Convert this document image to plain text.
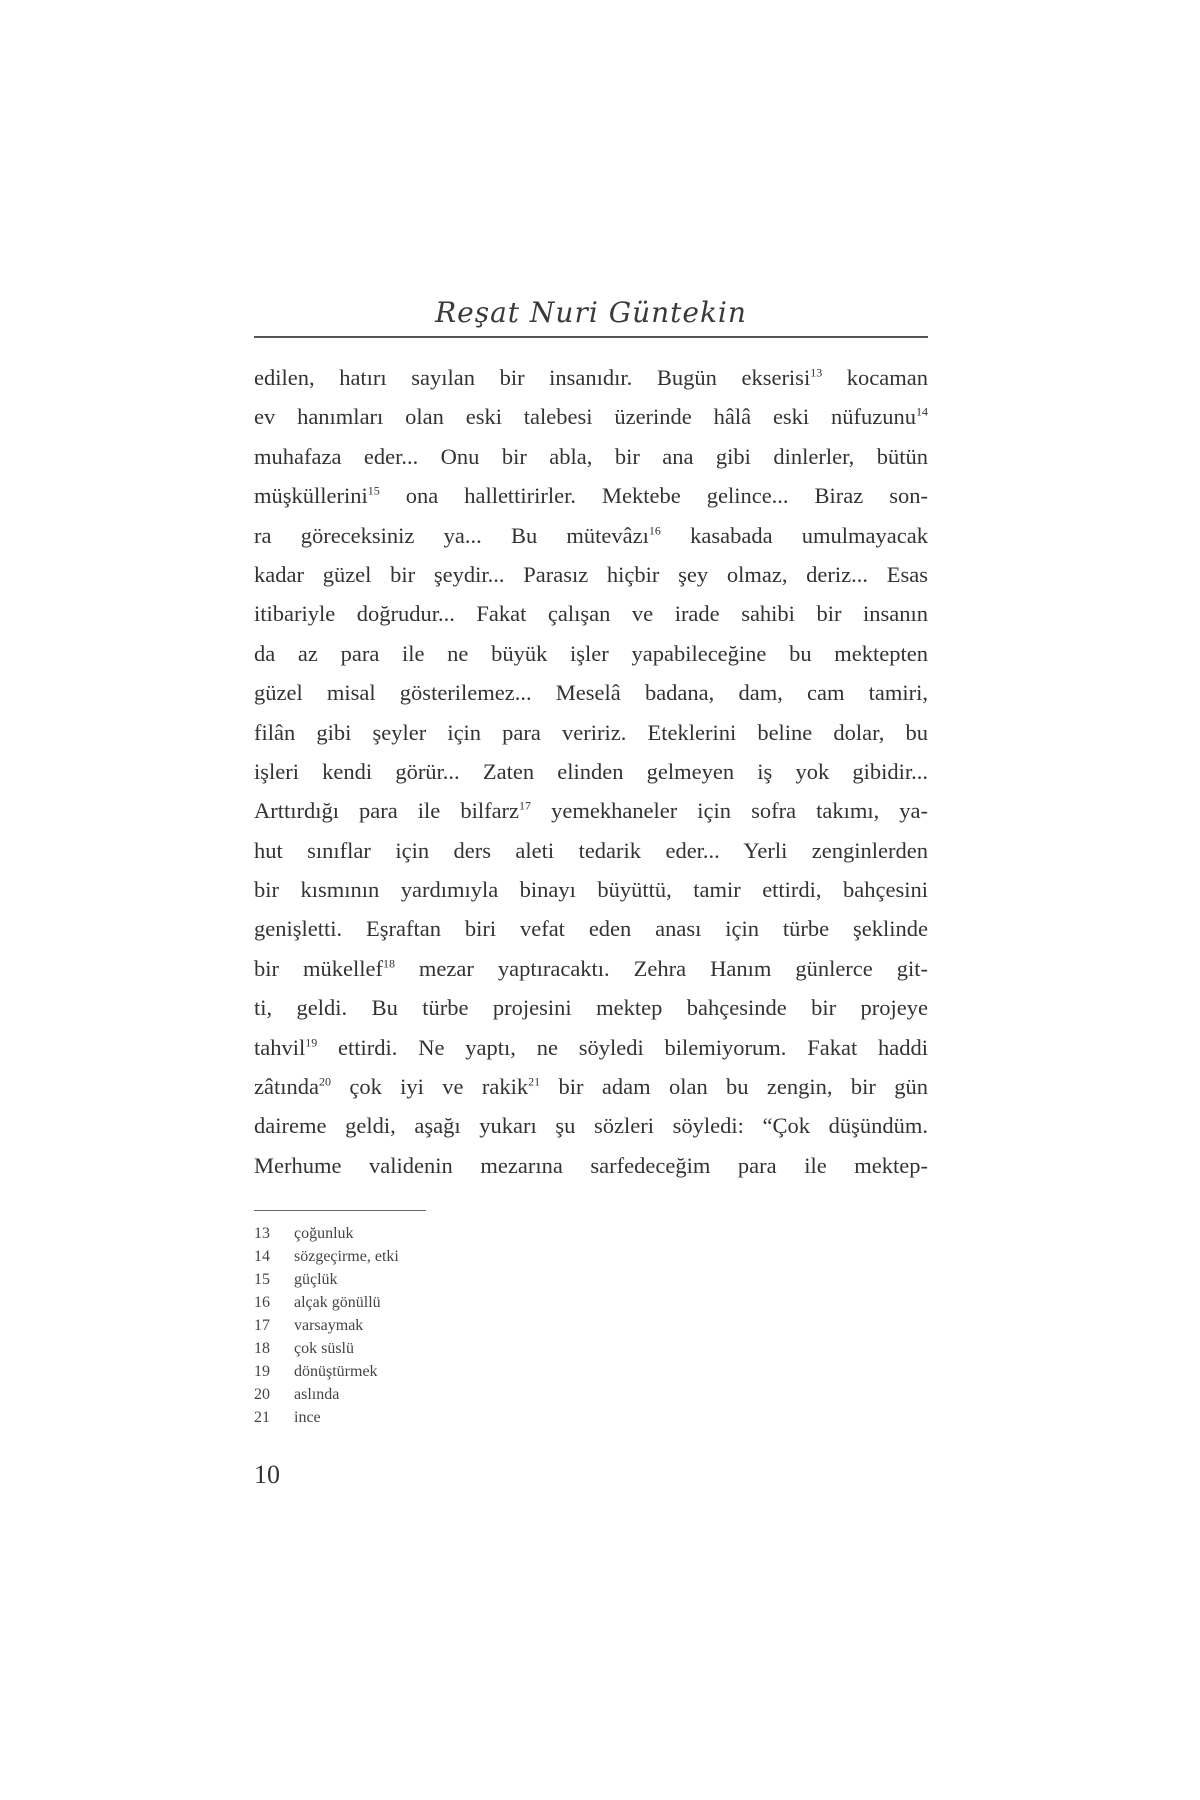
Reşat Nuri Güntekin
edilen, hatırı sayılan bir insanıdır. Bugün ekserisi$^{13}$ kocaman
ev hanımları olan eski talebesi üzerinde hâlâ eski nüfuzunu$^{14}$
muhafaza eder... Onu bir abla, bir ana gibi dinlerler, bütün
müşküllerini$^{15}$ ona hallettirirler. Mektebe gelince... Biraz son-
ra göreceksiniz ya... Bu mütevâzı$^{16}$ kasabada umulmayacak
kadar güzel bir şeydir... Parasız hiçbir şey olmaz, deriz... Esas
itibariyle doğrudur... Fakat çalışan ve irade sahibi bir insanın
da az para ile ne büyük işler yapabileceğine bu mektepten
güzel misal gösterilemez... Meselâ badana, dam, cam tamiri,
filân gibi şeyler için para veririz. Eteklerini beline dolar, bu
işleri kendi görür... Zaten elinden gelmeyen iş yok gibidir...
Arttırdığı para ile bilfarz$^{17}$ yemekhaneler için sofra takımı, ya-
hut sınıflar için ders aleti tedarik eder... Yerli zenginlerden
bir kısmının yardımıyla binayı büyüttü, tamir ettirdi, bahçesini
genişletti. Eşraftan biri vefat eden anası için türbe şeklinde
bir mükellef$^{18}$ mezar yaptıracaktı. Zehra Hanım günlerce git-
ti, geldi. Bu türbe projesini mektep bahçesinde bir projeye
tahvil$^{19}$ ettirdi. Ne yaptı, ne söyledi bilemiyorum. Fakat haddi
zâtında$^{20}$ çok iyi ve rakik$^{21}$ bir adam olan bu zengin, bir gün
daireme geldi, aşağı yukarı şu sözleri söyledi: “Çok düşündüm.
Merhume validenin mezarına sarfedeceğim para ile mektep-
13	çoğunluk
14	sözgeçirme, etki
15	güçlük
16	alçak gönüllü
17	varsaymak
18	çok süslü
19	dönüştürmek
20	aslında
21	ince
10
